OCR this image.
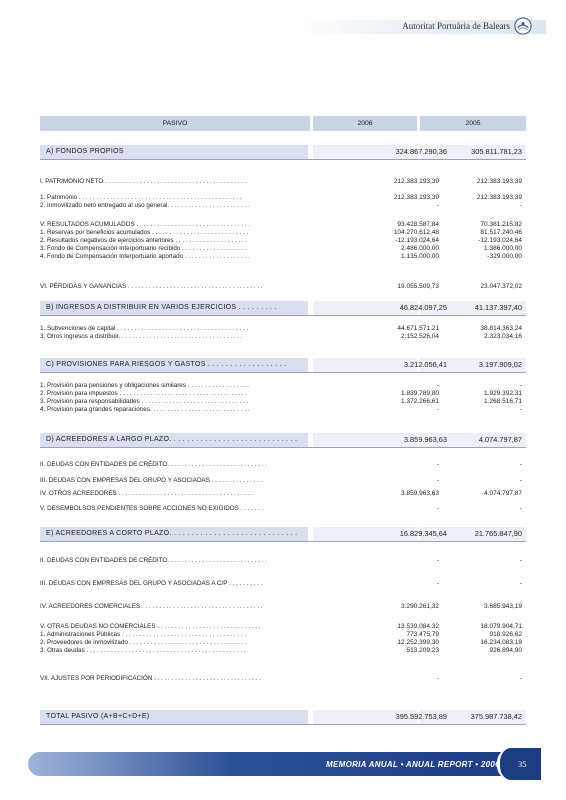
Autoritat Portuària de Balears
PASIVO	2006	2005
A) FONDOS PROPIOS	324.867.290,36	305.811.781,23
I. PATRIMONIO NETO . . . . . . . . . . . . . . . . . . . . . . . . . . . . . . . . . . . . . . . . .	212.383.193,39	212.383.193,39
1. Patrimonio . . . . . . . . . . . . . . . . . . . . . . . . . . . . . . . . . . . . . . . . . . . . . . .	212.383.193,39	212.383.193,39
2. Inmovilizado neto entregado al uso general. . . . . . . . . . . . . . . . . . . . . . . .	-	-
V. RESULTADOS ACUMULADOS . . . . . . . . . . . . . . . . . . . . . . . . . . . . . . . . .	93.428.587,84	70.381.215,82
1. Reservas por beneficios acumulados . . . . . . . . . . . . . . . . . . . . . . . . . . . .	104.270.612,48	81.517.240,46
2. Resultados negativos de ejercicios anteriores . . . . . . . . . . . . . . . . . . . . .	-12.193.024,64	-12.193.024,64
3. Fondo de Compensación Interportuario recibido . . . . . . . . . . . . . . . . . . .	2.486.000,00	1.386.000,00
4. Fondo de Compensación Interportuario aportado . . . . . . . . . . . . . . . . . . .	1.135.000,00	-329.000,00
VI. PÉRDIDAS Y GANANCIAS . . . . . . . . . . . . . . . . . . . . . . . . . . . . . . . . . . . . . . .	19.055.509,73	23.047.372,02
B) INGRESOS A DISTRIBUIR EN VARIOS EJERCICIOS . . . . . . . . .	46.824.097,25	41.137.397,40
1. Subvenciones de capital . . . . . . . . . . . . . . . . . . . . . . . . . . . . . . . . . . . . . .	44.671.571,21	38.814.363,24
3. Otros ingresos a distribuir. . . . . . . . . . . . . . . . . . . . . . . . . . . . . . . . . . . .	2.152.526,04	2.323.034,16
C) PROVISIONES PARA RIESGOS Y GASTOS . . . . . . . . . . . . . . . . . .	3.212.056,41	3.197.909,02
1. Provisión para pensiones y obligaciones similares . . . . . . . . . . . . . . . . . .	-	-
2. Provisión para impuestos . . . . . . . . . . . . . . . . . . . . . . . . . . . . . . . . . . . . .	1.839.789,80	1.929.392,31
3. Provisión para responsabilidades . . . . . . . . . . . . . . . . . . . . . . . . . . . . . . .	1.372.266,61	1.268.516,71
4. Provisión para grandes reparaciones. . . . . . . . . . . . . . . . . . . . . . . . . . . . .	-	-
D) ACREEDORES A LARGO PLAZO. . . . . . . . . . . . . . . . . . . . . . . . . . . . .	3.859.963,63	4.074.797,87
II. DEUDAS CON ENTIDADES DE CRÉDITO. . . . . . . . . . . . . . . . . . . . . . . . . . . . .	-	-
III. DEUDAS CON EMPRESAS DEL GRUPO Y ASOCIADAS . . . . . . . . . . . . . . .	-	-
IV. OTROS ACREEDORES . . . . . . . . . . . . . . . . . . . . . . . . . . . . . . . . . . . . . . .	3.859.963,63	4.074.797,87
V. DESEMBOLSOS PENDIENTES SOBRE ACCIONES NO EXIGIDOS . . . . . . .	-	-
E) ACREEDORES A CORTO PLAZO. . . . . . . . . . . . . . . . . . . . . . . . . . . . .	16.829.345,64	21.765.847,90
II. DEUDAS CON ENTIDADES DE CRÉDITO. . . . . . . . . . . . . . . . . . . . . . . . . . . . .	-	-
III. DEUDAS CON EMPRESAS DEL GRUPO Y ASOCIADAS A C/P . . . . . . . . . .	-	-
IV. ACREEDORES COMERCIALES . . . . . . . . . . . . . . . . . . . . . . . . . . . . . . . . . . .	3.290.261,32	3.685.943,19
V. OTRAS DEUDAS NO COMERCIALES . . . . . . . . . . . . . . . . . . . . . . . . . . . . . .	13.539.084,32	18.079.904,71
1. Administraciones Públicas . . . . . . . . . . . . . . . . . . . . . . . . . . . . . . . . . . . .	773.475,79	918.926,62
2. Proveedores de inmovilizado . . . . . . . . . . . . . . . . . . . . . . . . . . . . . . . . . .	12.252.399,30	16.234.083,19
3. Otras deudas . . . . . . . . . . . . . . . . . . . . . . . . . . . . . . . . . . . . . . . . . . . . . .	513.209,23	926.894,90
VII. AJUSTES POR PERIODIFICACIÓN . . . . . . . . . . . . . . . . . . . . . . . . . . . . . . .	-	-
TOTAL PASIVO (A+B+C+D+E)	395.592.753,89	375.987.738,42
MEMORIA ANUAL • ANUAL REPORT • 2006 35
